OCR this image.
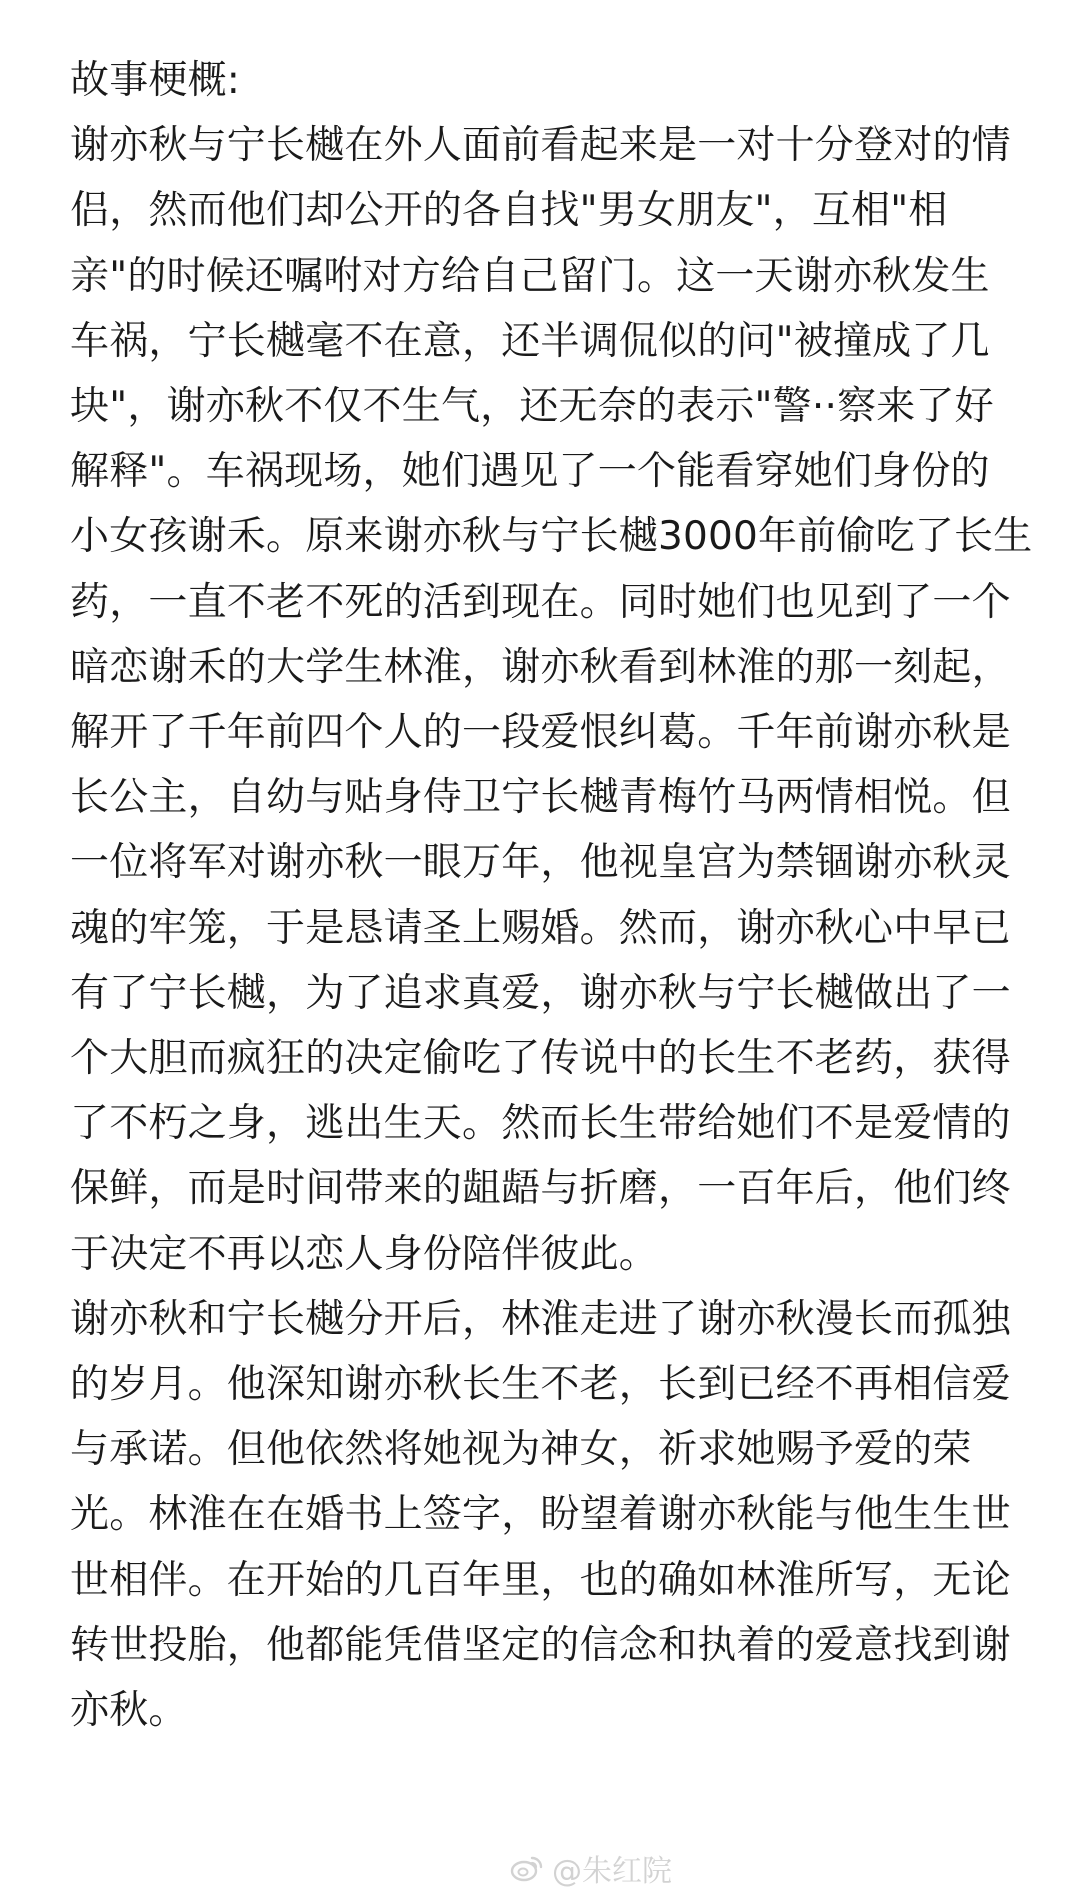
故事梗概:
谢亦秋与宁长樾在外人面前看起来是一对十分登对的情
侣，然而他们却公开的各自找"男女朋友"，互相"相
亲"的时候还嘱咐对方给自己留门。这一天谢亦秋发生
车祸，宁长樾毫不在意，还半调侃似的问"被撞成了几
块"，谢亦秋不仅不生气，还无奈的表示"警··察来了好
解释"。车祸现场，她们遇见了一个能看穿她们身份的
小女孩谢禾。原来谢亦秋与宁长樾3000年前偷吃了长生
药，一直不老不死的活到现在。同时她们也见到了一个
暗恋谢禾的大学生林淮，谢亦秋看到林淮的那一刻起，
解开了千年前四个人的一段爱恨纠葛。千年前谢亦秋是
长公主，自幼与贴身侍卫宁长樾青梅竹马两情相悦。但
一位将军对谢亦秋一眼万年，他视皇宫为禁锢谢亦秋灵
魂的牢笼，于是恳请圣上赐婚。然而，谢亦秋心中早已
有了宁长樾，为了追求真爱，谢亦秋与宁长樾做出了一
个大胆而疯狂的决定偷吃了传说中的长生不老药，获得
了不朽之身，逃出生天。然而长生带给她们不是爱情的
保鲜，而是时间带来的龃龉与折磨，一百年后，他们终
于决定不再以恋人身份陪伴彼此。
谢亦秋和宁长樾分开后，林淮走进了谢亦秋漫长而孤独
的岁月。他深知谢亦秋长生不老，长到已经不再相信爱
与承诺。但他依然将她视为神女，祈求她赐予爱的荣
光。林淮在在婚书上签字，盼望着谢亦秋能与他生生世
世相伴。在开始的几百年里，也的确如林淮所写，无论
转世投胎，他都能凭借坚定的信念和执着的爱意找到谢
亦秋。
@朱红院
